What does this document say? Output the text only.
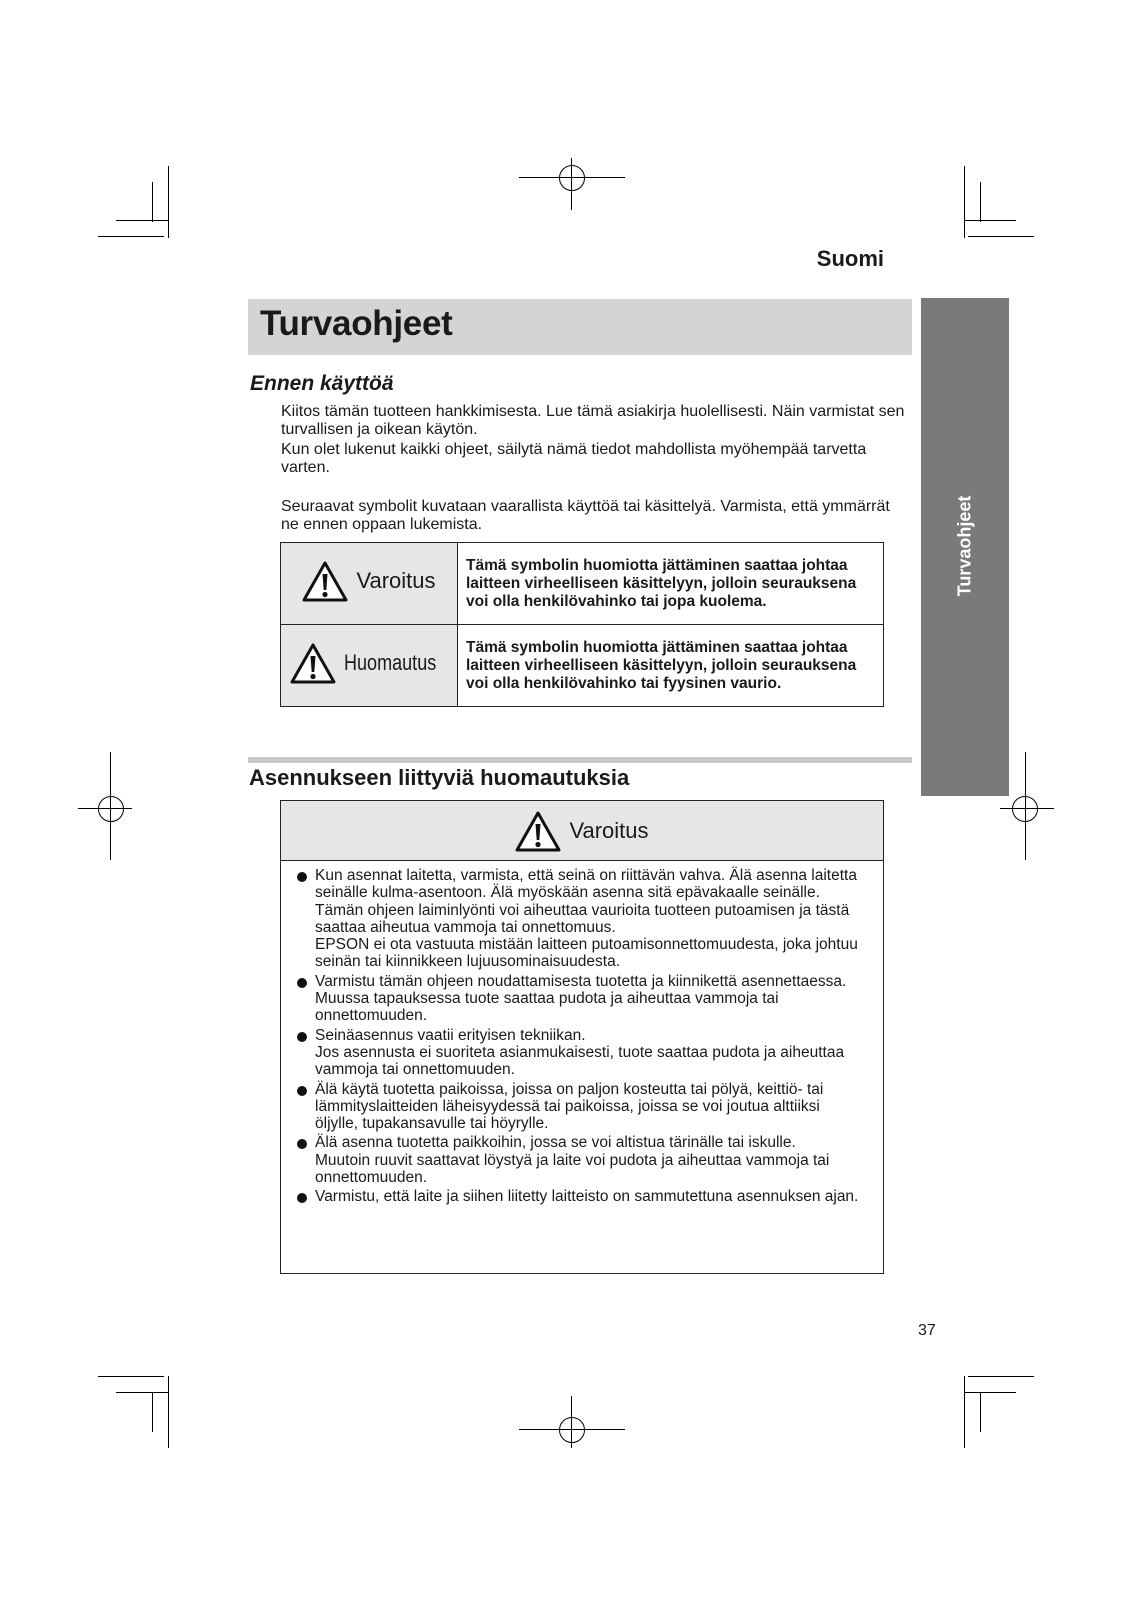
Suomi
Turvaohjeet
Turvaohjeet
Ennen käyttöä
Kiitos tämän tuotteen hankkimisesta. Lue tämä asiakirja huolellisesti. Näin varmistat sen turvallisen ja oikean käytön.
Kun olet lukenut kaikki ohjeet, säilytä nämä tiedot mahdollista myöhempää tarvetta varten.
Seuraavat symbolit kuvataan vaarallista käyttöä tai käsittelyä. Varmista, että ymmärrät ne ennen oppaan lukemista.
Varoitus	Tämä symbolin huomiotta jättäminen saattaa johtaa laitteen virheelliseen käsittelyyn, jolloin seurauksena voi olla henkilövahinko tai jopa kuolema.

Huomautus	Tämä symbolin huomiotta jättäminen saattaa johtaa laitteen virheelliseen käsittelyyn, jolloin seurauksena voi olla henkilövahinko tai fyysinen vaurio.
Asennukseen liittyviä huomautuksia
Varoitus

Kun asennat laitetta, varmista, että seinä on riittävän vahva. Älä asenna laitetta seinälle kulma-asentoon. Älä myöskään asenna sitä epävakaalle seinälle.

Tämän ohjeen laiminlyönti voi aiheuttaa vaurioita tuotteen putoamisen ja tästä saattaa aiheutua vammoja tai onnettomuus.

EPSON ei ota vastuuta mistään laitteen putoamisonnettomuudesta, joka johtuu seinän tai kiinnikkeen lujuusominaisuudesta.

Varmistu tämän ohjeen noudattamisesta tuotetta ja kiinnikettä asennettaessa.

Muussa tapauksessa tuote saattaa pudota ja aiheuttaa vammoja tai onnettomuuden.

Seinäasennus vaatii erityisen tekniikan.

Jos asennusta ei suoriteta asianmukaisesti, tuote saattaa pudota ja aiheuttaa vammoja tai onnettomuuden.

Älä käytä tuotetta paikoissa, joissa on paljon kosteutta tai pölyä, keittiö- tai lämmityslaitteiden läheisyydessä tai paikoissa, joissa se voi joutua alttiiksi öljylle, tupakansavulle tai höyrylle.

Älä asenna tuotetta paikkoihin, jossa se voi altistua tärinälle tai iskulle.

Muutoin ruuvit saattavat löystyä ja laite voi pudota ja aiheuttaa vammoja tai onnettomuuden.

Varmistu, että laite ja siihen liitetty laitteisto on sammutettuna asennuksen ajan.

37
